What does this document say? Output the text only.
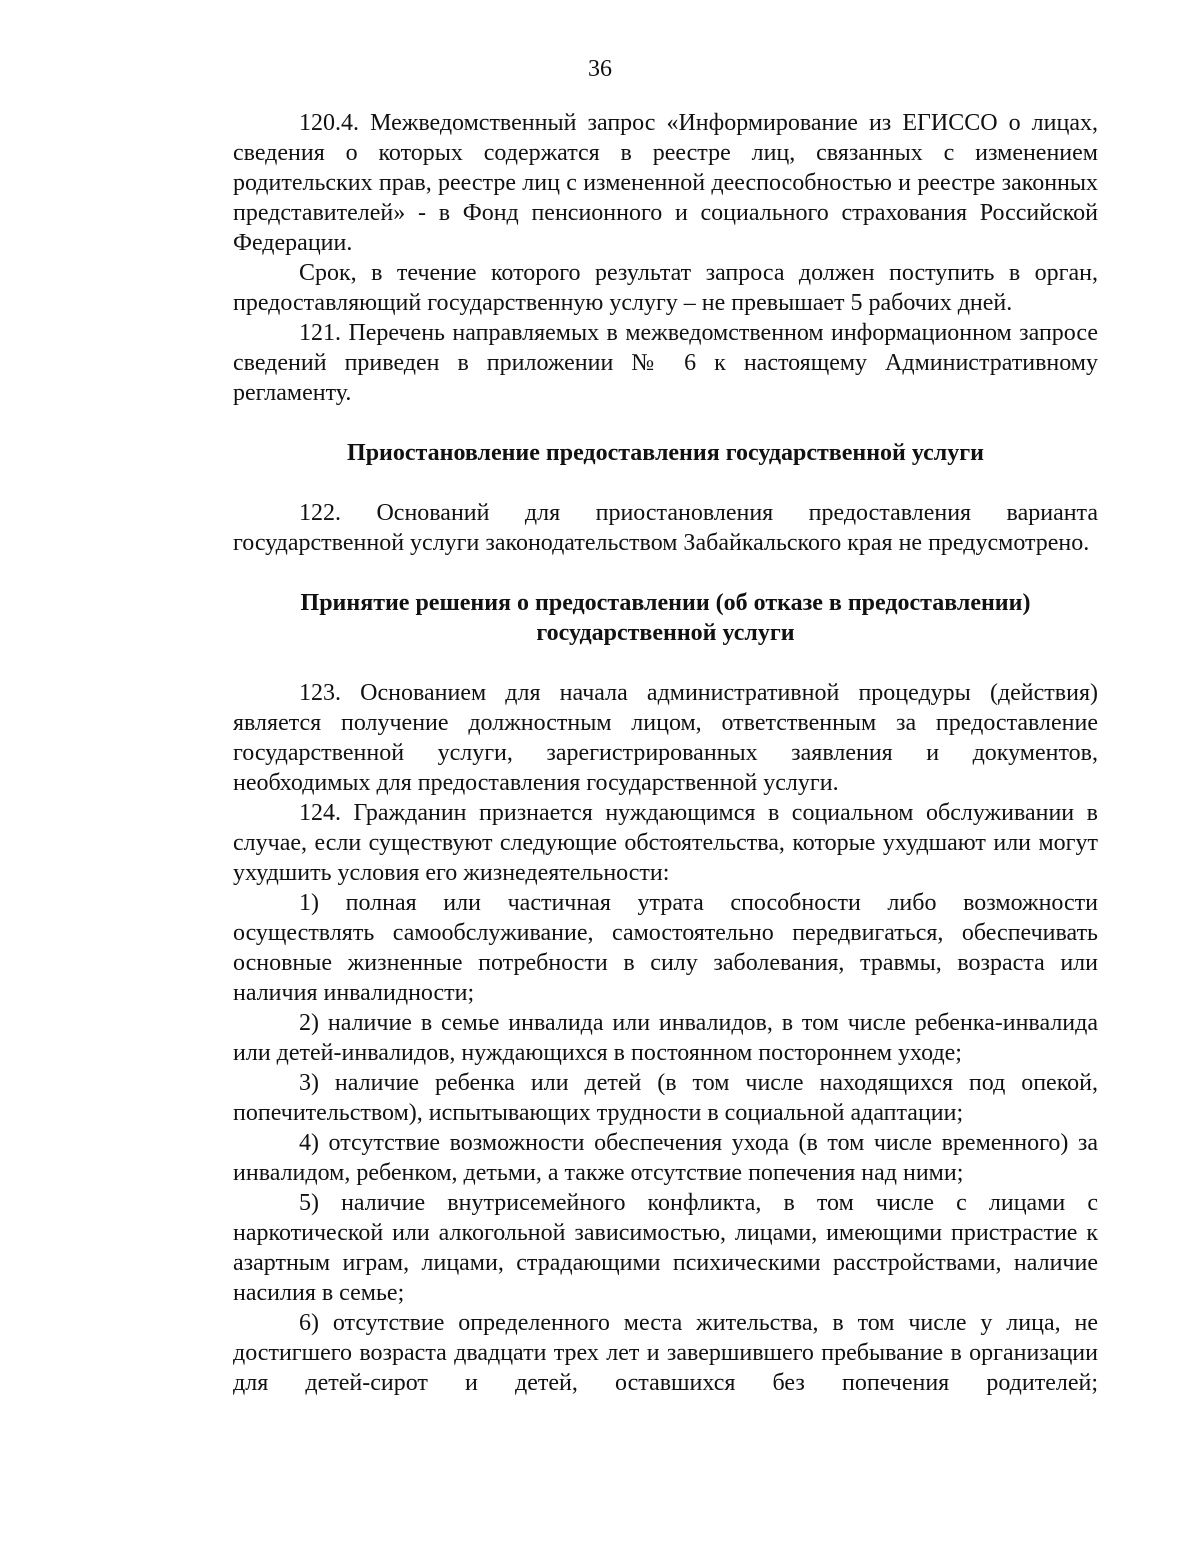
36

120.4. Межведомственный запрос «Информирование из ЕГИССО о лицах, сведения о которых содержатся в реестре лиц, связанных с изменением родительских прав, реестре лиц с измененной дееспособностью и реестре законных представителей» - в Фонд пенсионного и социального страхования Российской Федерации.

Срок, в течение которого результат запроса должен поступить в орган, предоставляющий государственную услугу – не превышает 5 рабочих дней.

121. Перечень направляемых в межведомственном информационном запросе сведений приведен в приложении № 6 к настоящему Административному регламенту.

Приостановление предоставления государственной услуги

122. Оснований для приостановления предоставления варианта государственной услуги законодательством Забайкальского края не предусмотрено.

Принятие решения о предоставлении (об отказе в предоставлении) государственной услуги

123. Основанием для начала административной процедуры (действия) является получение должностным лицом, ответственным за предоставление государственной услуги, зарегистрированных заявления и документов, необходимых для предоставления государственной услуги.

124. Гражданин признается нуждающимся в социальном обслуживании в случае, если существуют следующие обстоятельства, которые ухудшают или могут ухудшить условия его жизнедеятельности:

1) полная или частичная утрата способности либо возможности осуществлять самообслуживание, самостоятельно передвигаться, обеспечивать основные жизненные потребности в силу заболевания, травмы, возраста или наличия инвалидности;

2) наличие в семье инвалида или инвалидов, в том числе ребенка-инвалида или детей-инвалидов, нуждающихся в постоянном постороннем уходе;

3) наличие ребенка или детей (в том числе находящихся под опекой, попечительством), испытывающих трудности в социальной адаптации;

4) отсутствие возможности обеспечения ухода (в том числе временного) за инвалидом, ребенком, детьми, а также отсутствие попечения над ними;

5) наличие внутрисемейного конфликта, в том числе с лицами с наркотической или алкогольной зависимостью, лицами, имеющими пристрастие к азартным играм, лицами, страдающими психическими расстройствами, наличие насилия в семье;

6) отсутствие определенного места жительства, в том числе у лица, не достигшего возраста двадцати трех лет и завершившего пребывание в организации для детей-сирот и детей, оставшихся без попечения родителей;
